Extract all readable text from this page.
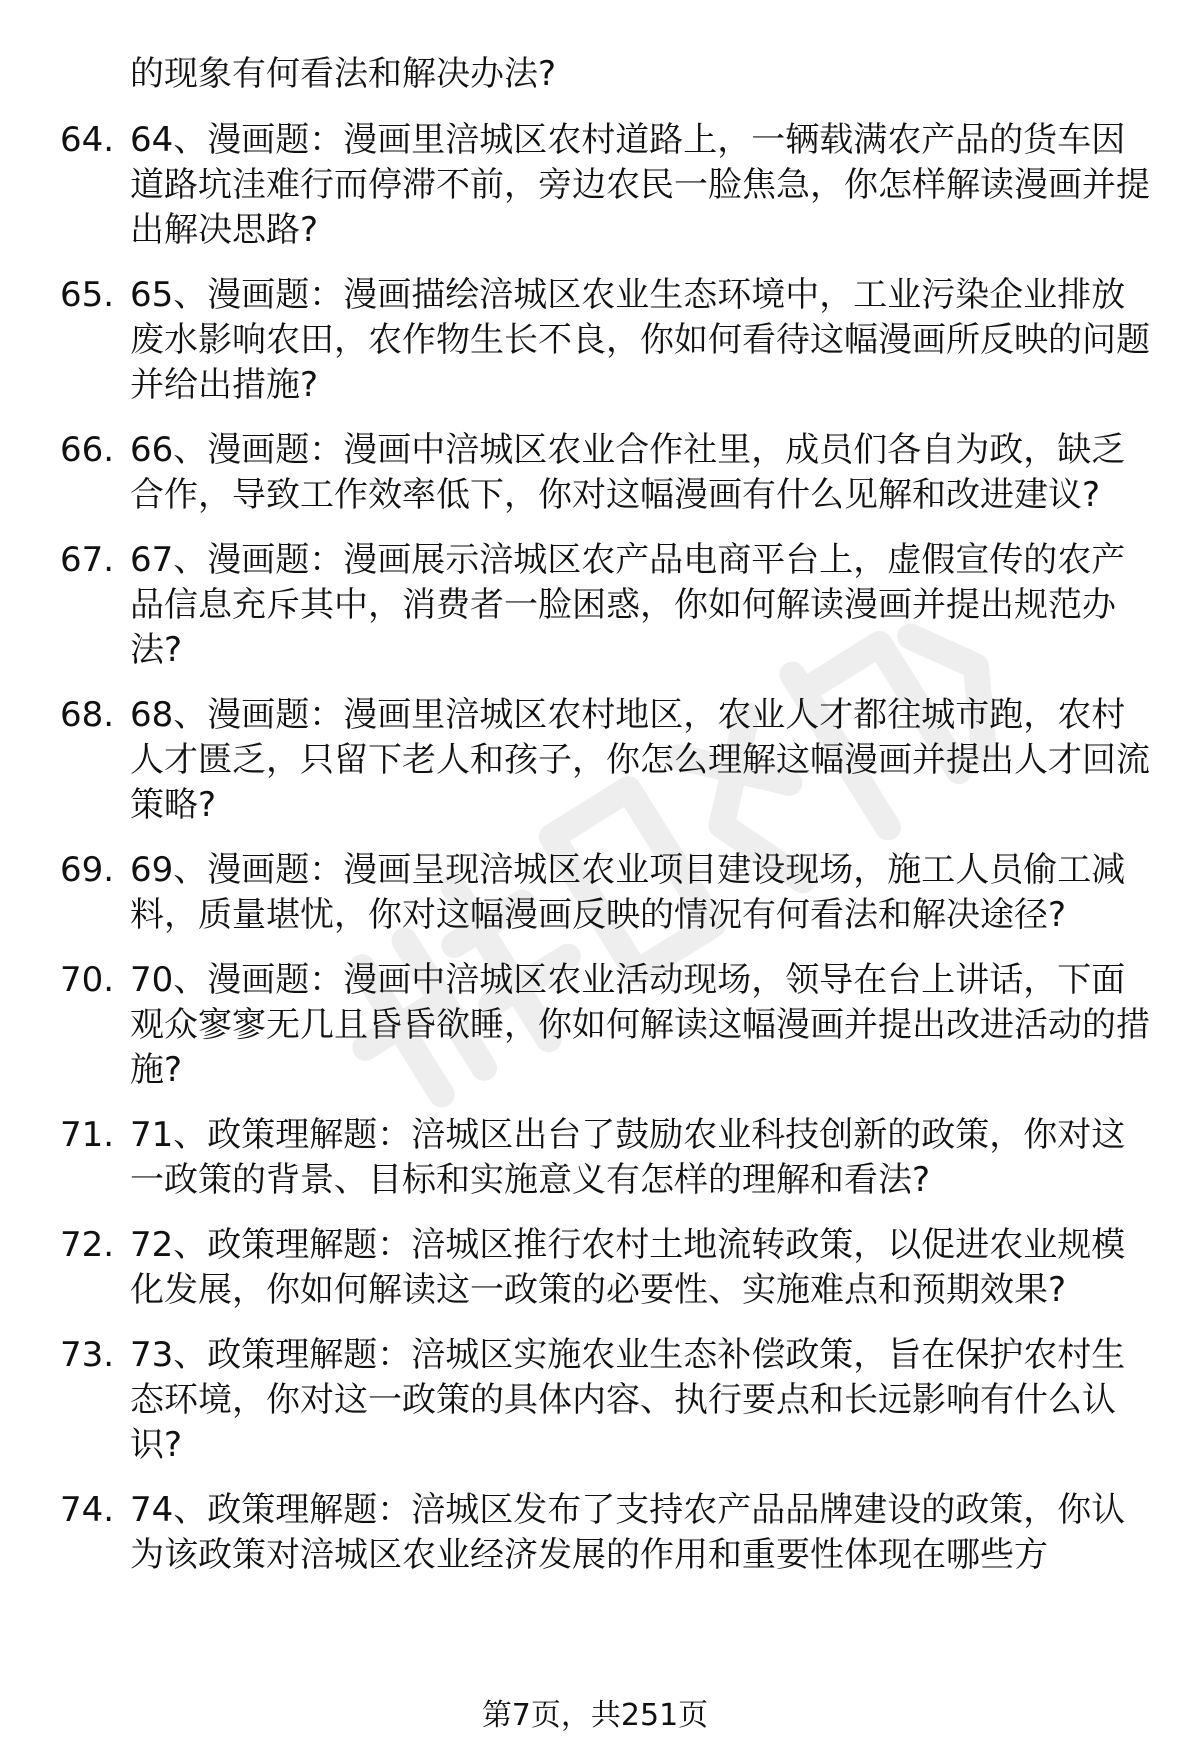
的现象有何看法和解决办法?

64. 64、漫画题：漫画里涪城区农村道路上，一辆载满农产品的货车因道路坑洼难行而停滞不前，旁边农民一脸焦急，你怎样解读漫画并提出解决思路?
65. 65、漫画题：漫画描绘涪城区农业生态环境中，工业污染企业排放废水影响农田，农作物生长不良，你如何看待这幅漫画所反映的问题并给出措施?
66. 66、漫画题：漫画中涪城区农业合作社里，成员们各自为政，缺乏合作，导致工作效率低下，你对这幅漫画有什么见解和改进建议?
67. 67、漫画题：漫画展示涪城区农产品电商平台上，虚假宣传的农产品信息充斥其中，消费者一脸困惑，你如何解读漫画并提出规范办法?
68. 68、漫画题：漫画里涪城区农村地区，农业人才都往城市跑，农村人才匮乏，只留下老人和孩子，你怎么理解这幅漫画并提出人才回流策略?
69. 69、漫画题：漫画呈现涪城区农业项目建设现场，施工人员偷工减料，质量堪忧，你对这幅漫画反映的情况有何看法和解决途径?
70. 70、漫画题：漫画中涪城区农业活动现场，领导在台上讲话，下面观众寥寥无几且昏昏欲睡，你如何解读这幅漫画并提出改进活动的措施?
71. 71、政策理解题：涪城区出台了鼓励农业科技创新的政策，你对这一政策的背景、目标和实施意义有怎样的理解和看法?
72. 72、政策理解题：涪城区推行农村土地流转政策，以促进农业规模化发展，你如何解读这一政策的必要性、实施难点和预期效果?
73. 73、政策理解题：涪城区实施农业生态补偿政策，旨在保护农村生态环境，你对这一政策的具体内容、执行要点和长远影响有什么认识?
74. 74、政策理解题：涪城区发布了支持农产品品牌建设的政策，你认为该政策对涪城区农业经济发展的作用和重要性体现在哪些方
第7页，共251页
